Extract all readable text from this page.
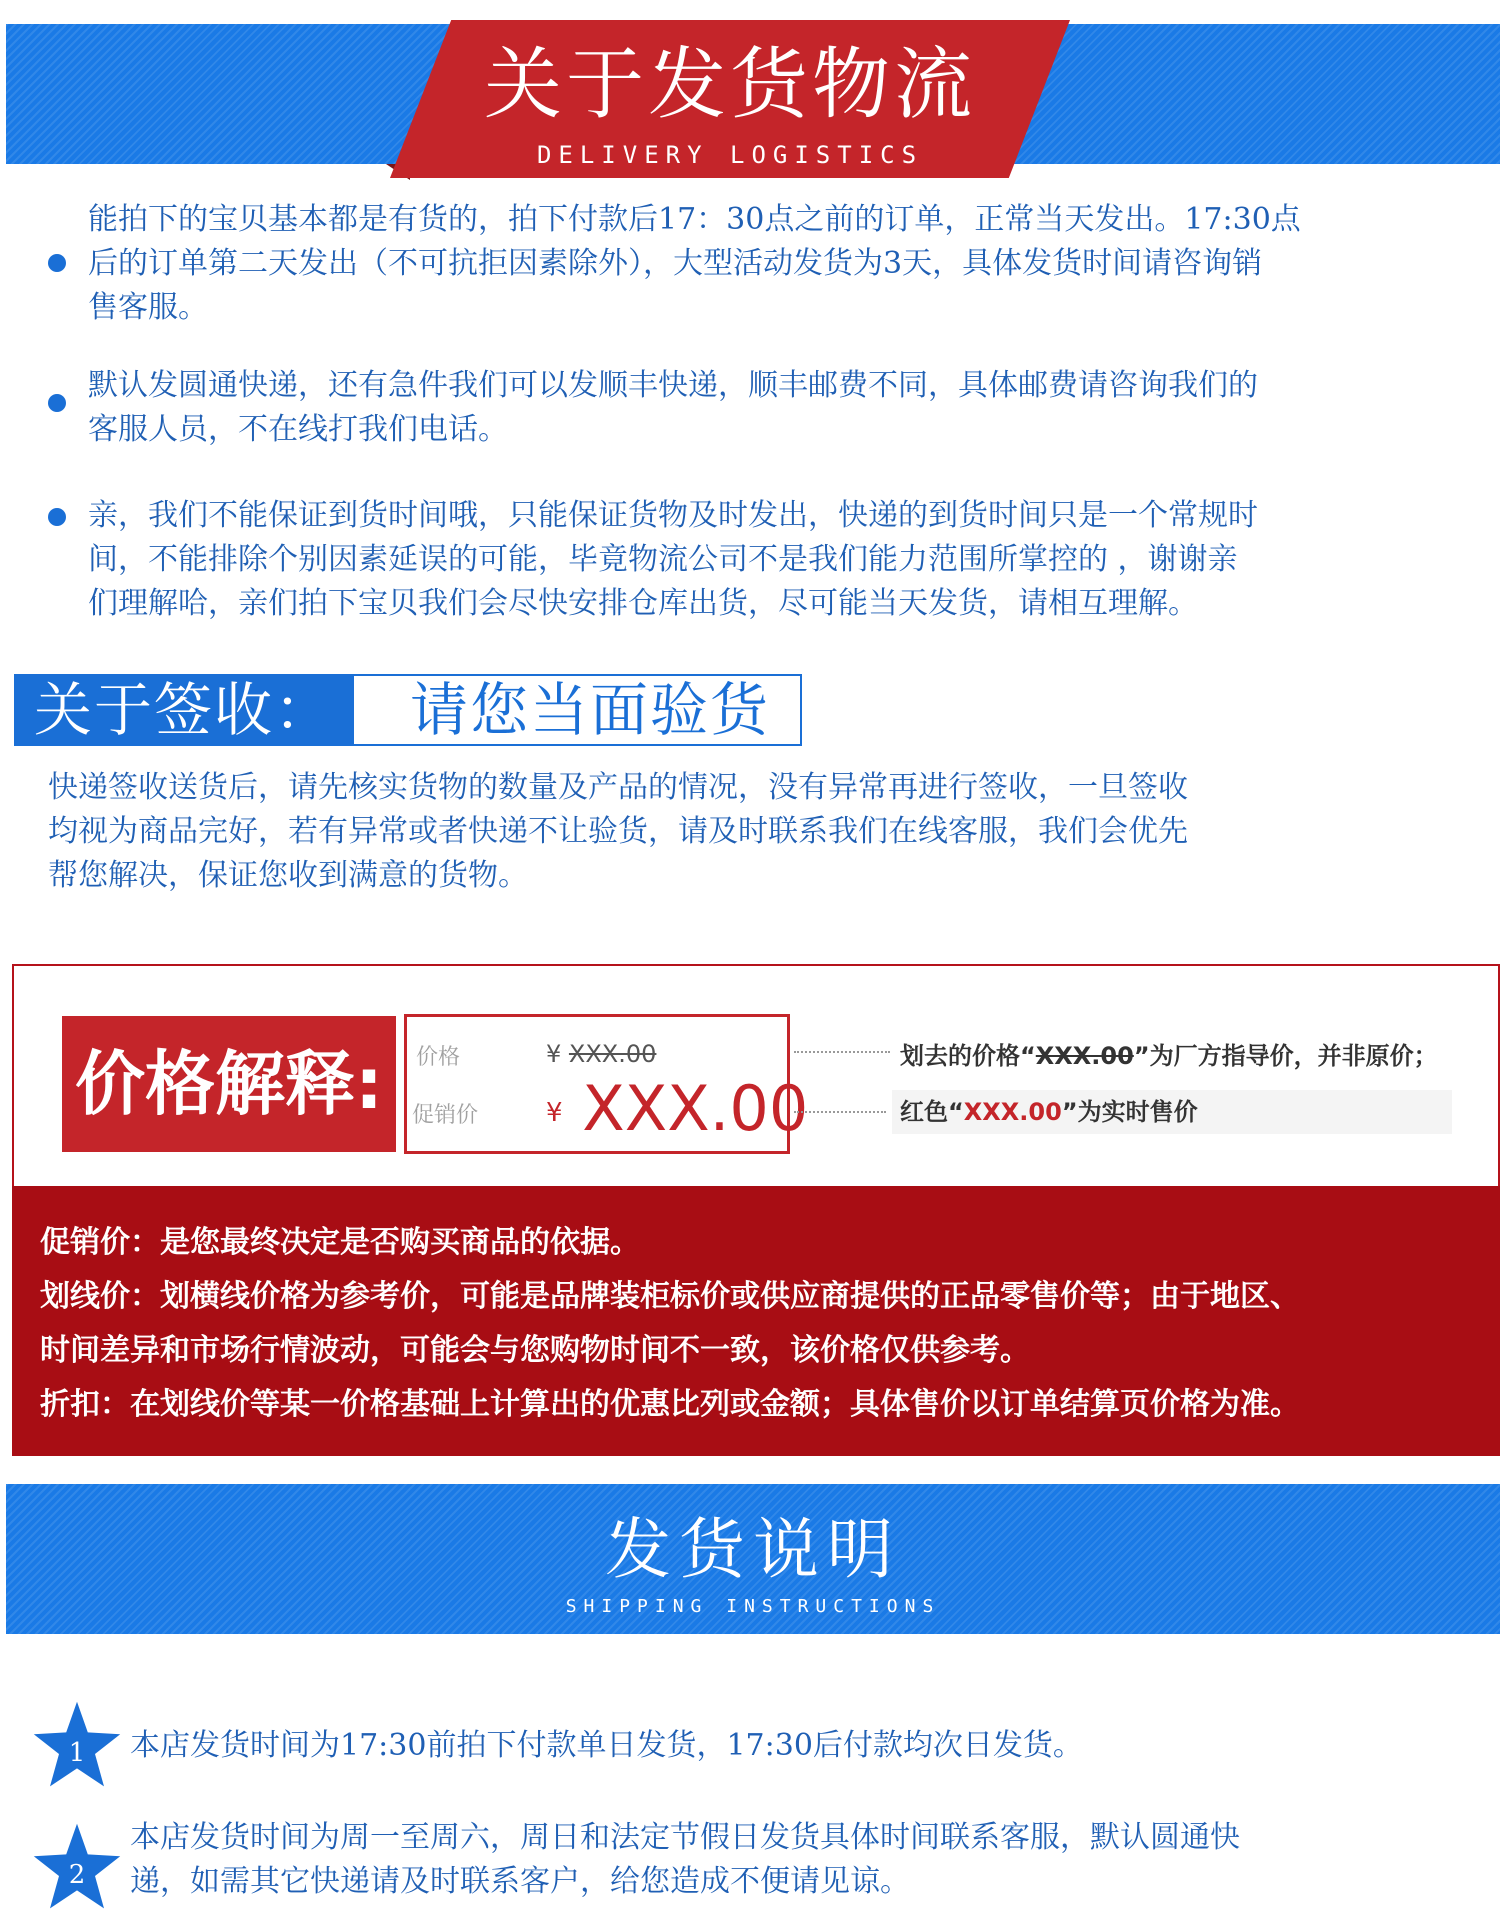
关于发货物流
DELIVERY LOGISTICS
能拍下的宝贝基本都是有货的，拍下付款后17：30点之前的订单，正常当天发出。17:30点
后的订单第二天发出（不可抗拒因素除外），大型活动发货为3天，具体发货时间请咨询销
售客服。
默认发圆通快递，还有急件我们可以发顺丰快递，顺丰邮费不同，具体邮费请咨询我们的
客服人员，不在线打我们电话。
亲，我们不能保证到货时间哦，只能保证货物及时发出，快递的到货时间只是一个常规时
间，不能排除个别因素延误的可能，毕竟物流公司不是我们能力范围所掌控的 ，谢谢亲
们理解哈，亲们拍下宝贝我们会尽快安排仓库出货，尽可能当天发货，请相互理解。
关于签收：	请您当面验货
快递签收送货后，请先核实货物的数量及产品的情况，没有异常再进行签收，一旦签收
均视为商品完好，若有异常或者快递不让验货，请及时联系我们在线客服，我们会优先
帮您解决，保证您收到满意的货物。
价格解释:	价格	¥ XXX.00
促销价	¥ XXX.00
划去的价格“XXX.00”为厂方指导价，并非原价；
红色“XXX.00”为实时售价
促销价：是您最终决定是否购买商品的依据。
划线价：划横线价格为参考价，可能是品牌装柜标价或供应商提供的正品零售价等；由于地区、
时间差异和市场行情波动，可能会与您购物时间不一致，该价格仅供参考。
折扣：在划线价等某一价格基础上计算出的优惠比列或金额；具体售价以订单结算页价格为准。
发货说明
SHIPPING INSTRUCTIONS
1	本店发货时间为17:30前拍下付款单日发货，17:30后付款均次日发货。
2
本店发货时间为周一至周六，周日和法定节假日发货具体时间联系客服，默认圆通快
递，如需其它快递请及时联系客户，给您造成不便请见谅。
